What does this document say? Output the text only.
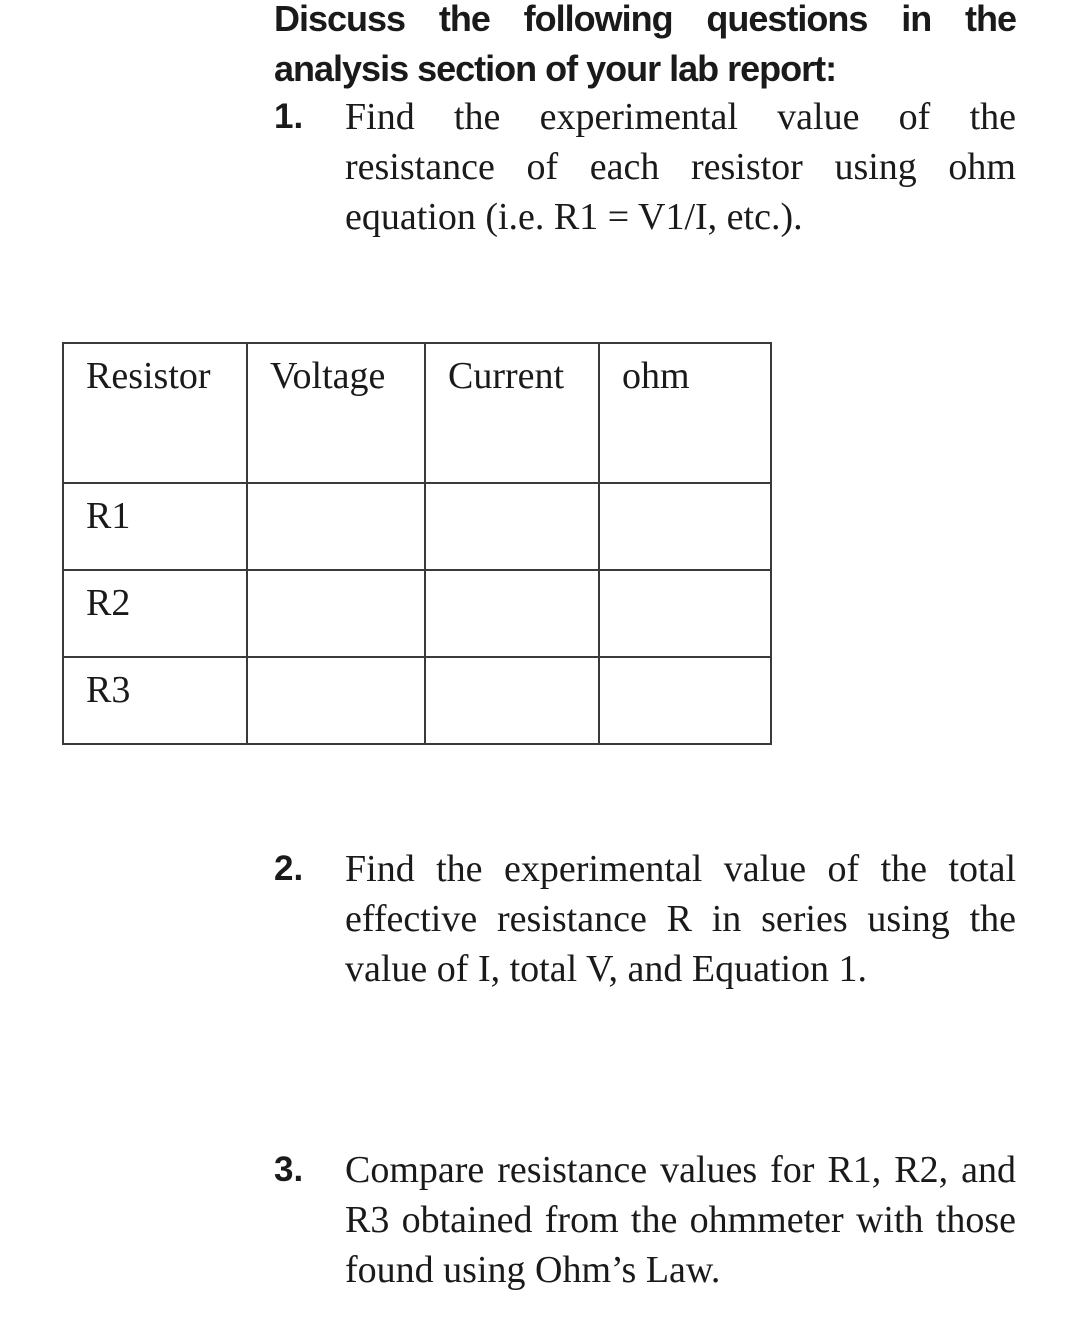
Discuss the following questions in the analysis section of your lab report:

1. Find the experimental value of the resistance of each resistor using ohm equation (i.e. R1 = V1/I, etc.).
Resistor	Voltage	Current	ohm
R1			
R2			
R3			
2. Find the experimental value of the total effective resistance R in series using the value of I, total V, and Equation 1.
3. Compare resistance values for R1, R2, and R3 obtained from the ohmmeter with those found using Ohm’s Law.
